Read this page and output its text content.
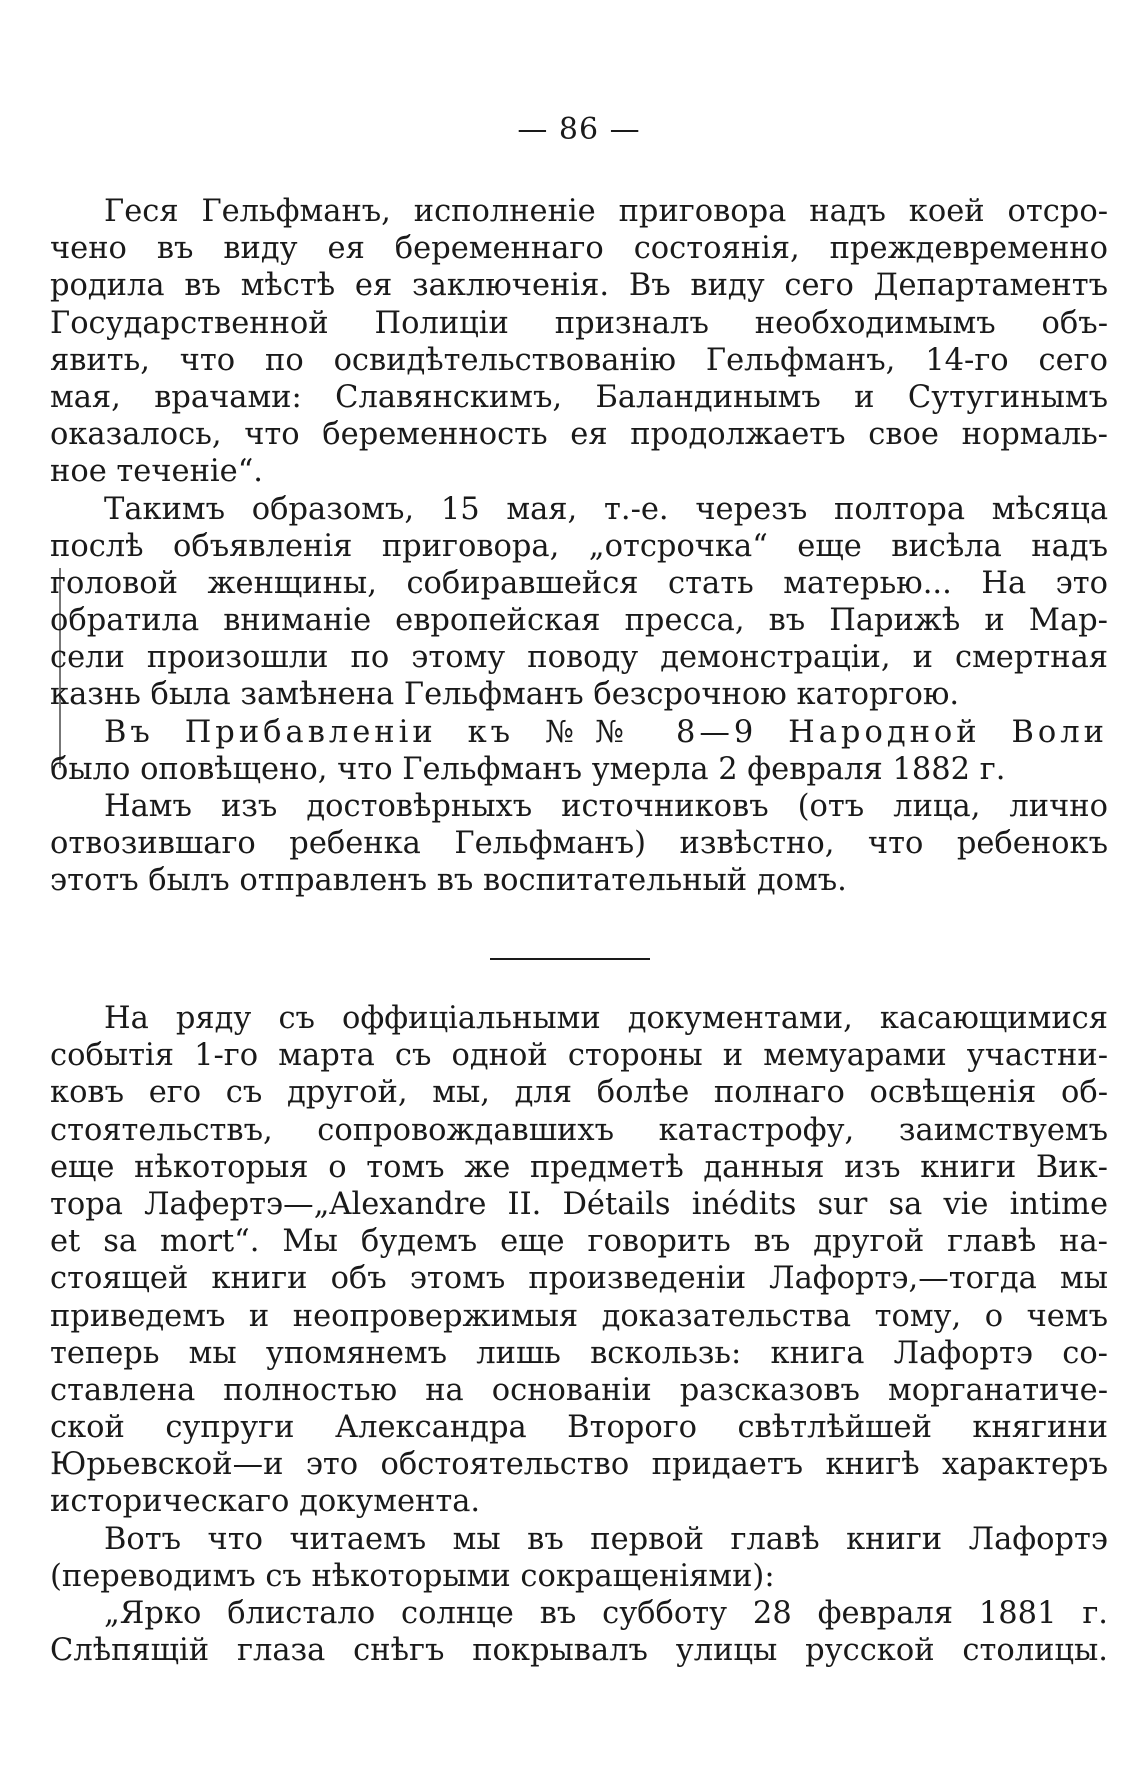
— 86 —
Геся Гельфманъ, исполненіе приговора надъ коей отсро-
чено въ виду ея беременнаго состоянія, преждевременно
родила въ мѣстѣ ея заключенія. Въ виду сего Департаментъ
Государственной Полиціи призналъ необходимымъ объ-
явить, что по освидѣтельствованію Гельфманъ, 14-го сего
мая, врачами: Славянскимъ, Баландинымъ и Сутугинымъ
оказалось, что беременность ея продолжаетъ свое нормаль-
ное теченіе“.
Такимъ образомъ, 15 мая, т.-е. черезъ полтора мѣсяца
послѣ объявленія приговора, „отсрочка“ еще висѣла надъ
головой женщины, собиравшейся стать матерью... На это
обратила вниманіе европейская пресса, въ Парижѣ и Мар-
сели произошли по этому поводу демонстраціи, и смертная
казнь была замѣнена Гельфманъ безсрочною каторгою.
Въ Прибавленіи къ №№ 8—9 Народной Воли
было оповѣщено, что Гельфманъ умерла 2 февраля 1882 г.
Намъ изъ достовѣрныхъ источниковъ (отъ лица, лично
отвозившаго ребенка Гельфманъ) извѣстно, что ребенокъ
этотъ былъ отправленъ въ воспитательный домъ.
На ряду съ оффиціальными документами, касающимися
событія 1-го марта съ одной стороны и мемуарами участни-
ковъ его съ другой, мы, для болѣе полнаго освѣщенія об-
стоятельствъ, сопровождавшихъ катастрофу, заимствуемъ
еще нѣкоторыя о томъ же предметѣ данныя изъ книги Вик-
тора Лафертэ—„Alexandre II. Détails inédits sur sa vie intime
et sa mort“. Мы будемъ еще говорить въ другой главѣ на-
стоящей книги объ этомъ произведеніи Лафортэ,—тогда мы
приведемъ и неопровержимыя доказательства тому, о чемъ
теперь мы упомянемъ лишь вскользь: книга Лафортэ со-
ставлена полностью на основаніи разсказовъ морганатиче-
ской супруги Александра Второго свѣтлѣйшей княгини
Юрьевской—и это обстоятельство придаетъ книгѣ характеръ
историческаго документа.
Вотъ что читаемъ мы въ первой главѣ книги Лафортэ
(переводимъ съ нѣкоторыми сокращеніями):
„Ярко блистало солнце въ субботу 28 февраля 1881 г.
Слѣпящій глаза снѣгъ покрывалъ улицы русской столицы.
